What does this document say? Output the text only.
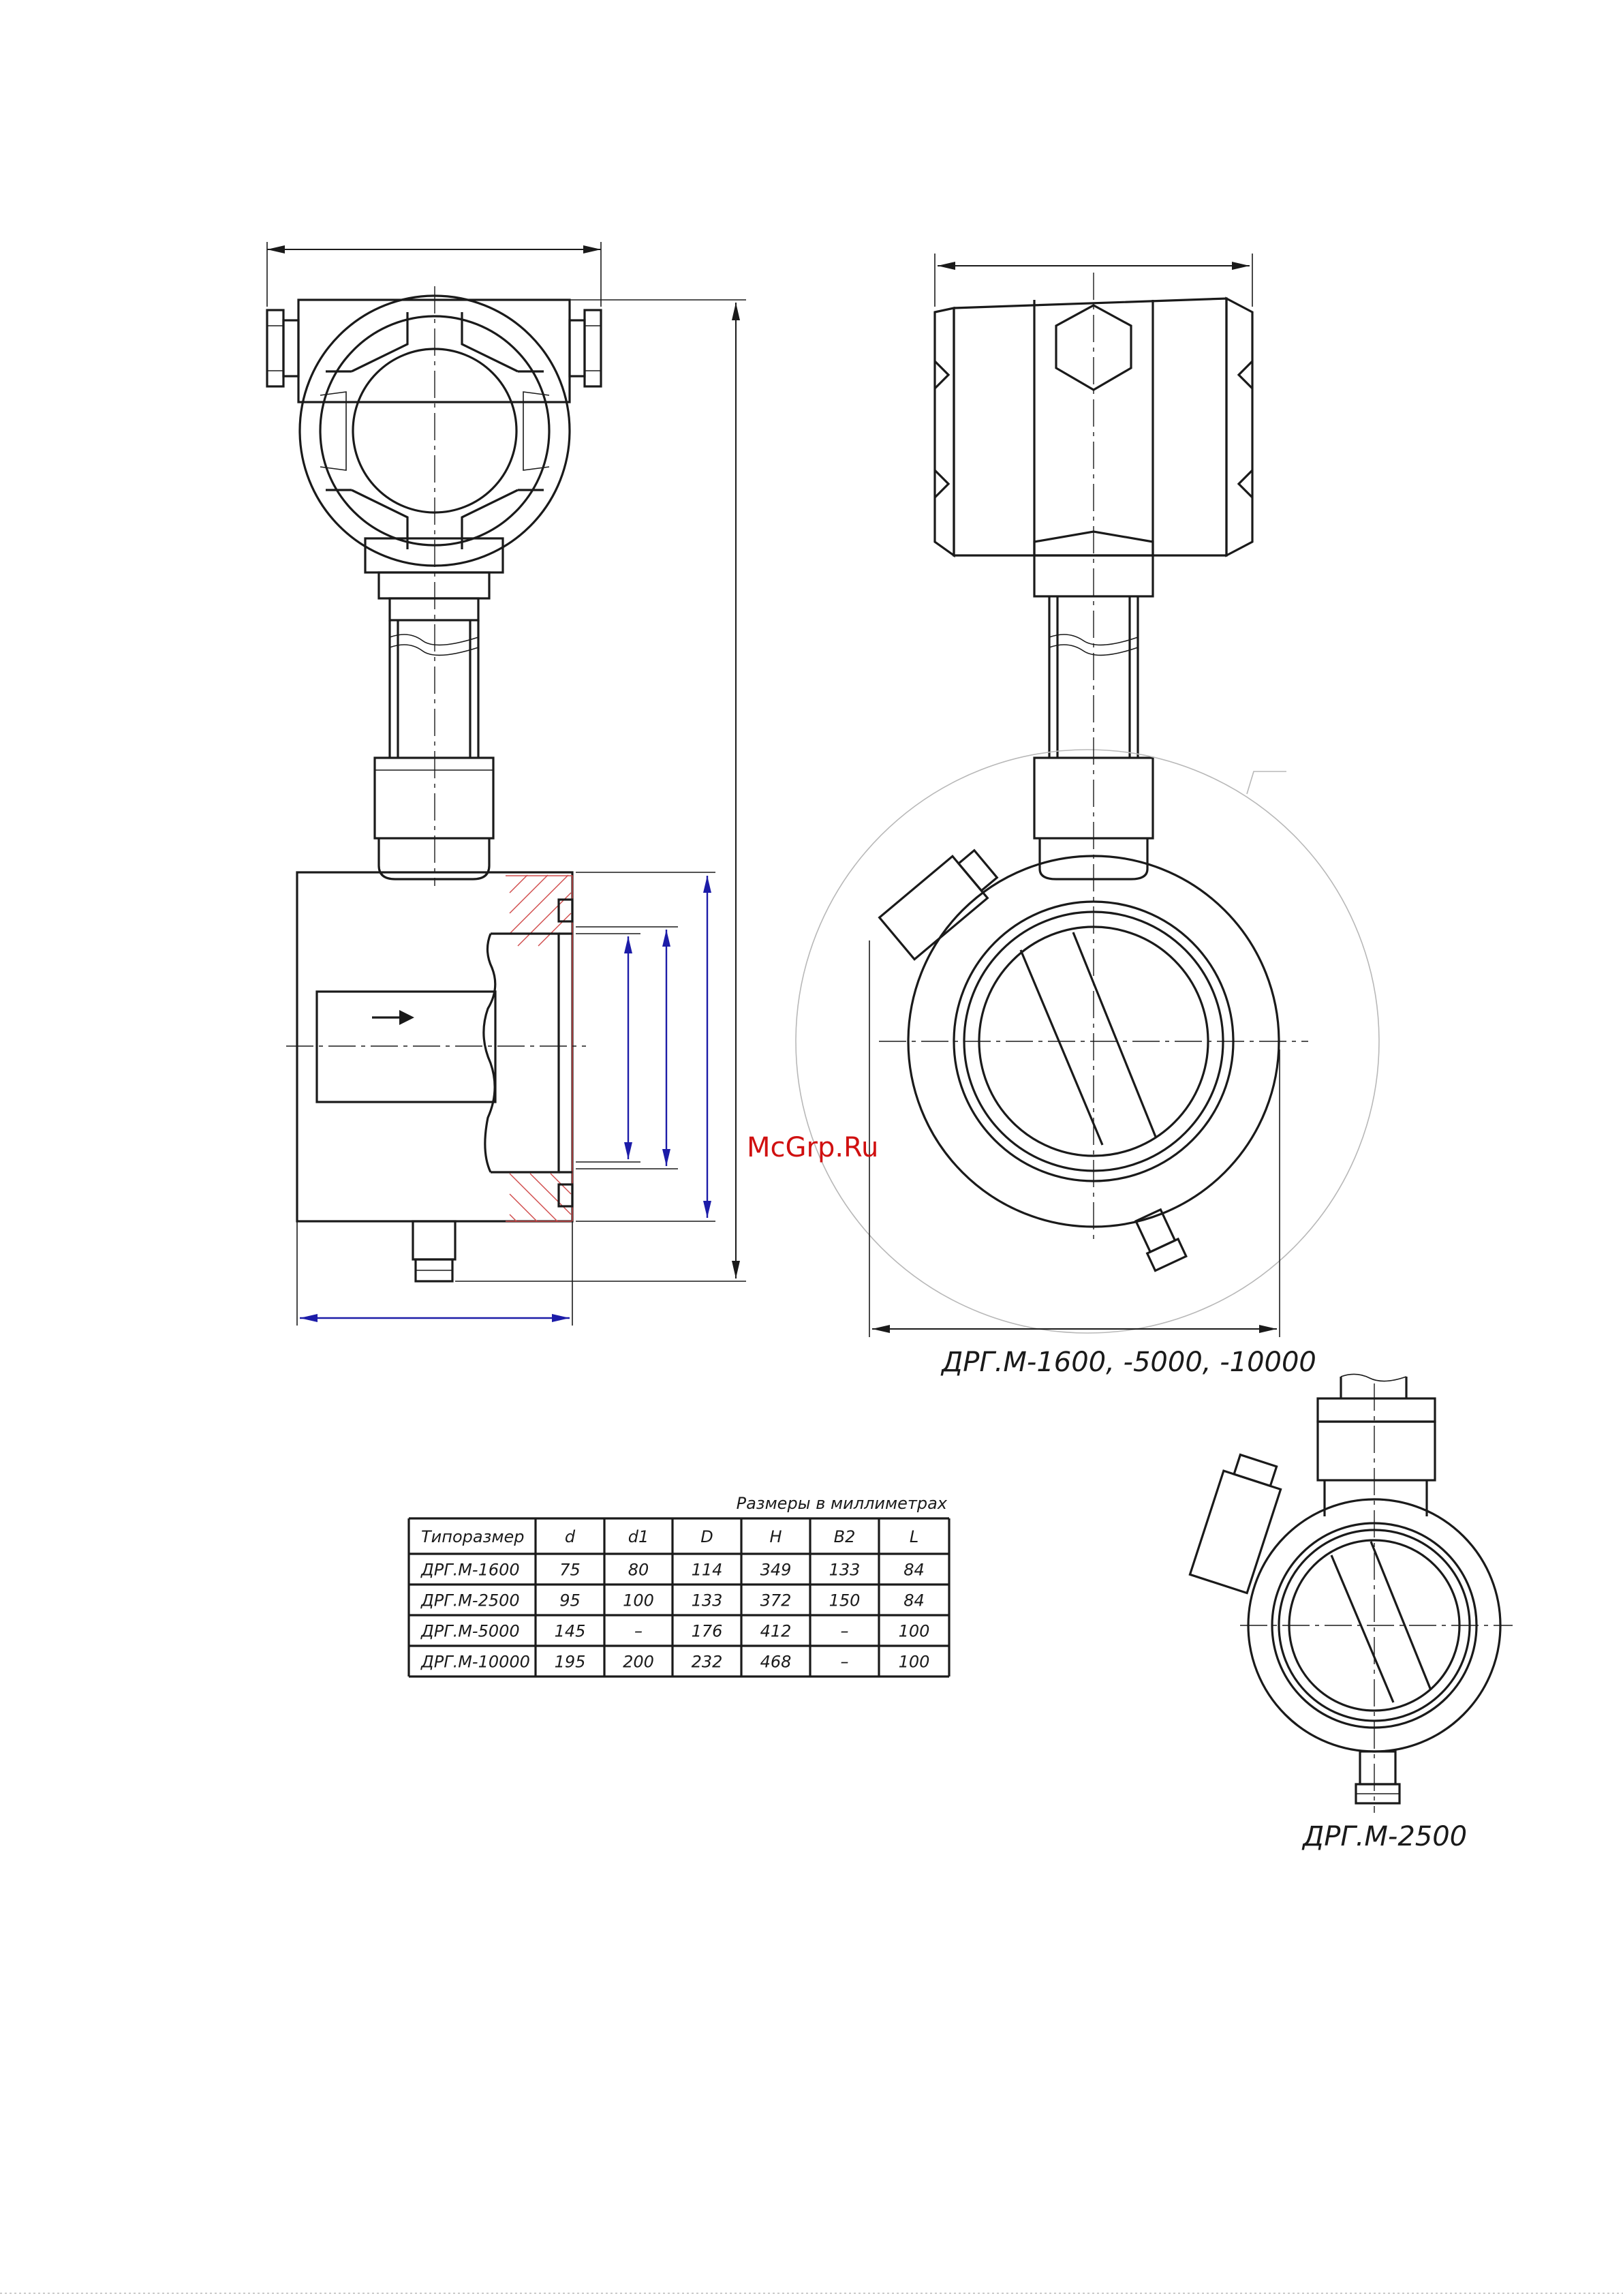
ДРГ.М-1600, -5000, -10000
McGrp.Ru
ДРГ.М-2500
Размеры в миллиметрах
Типоразмер d	d1	D	H	B2	L
ДРГ.М-1600 75	80	114 349 133	84
ДРГ.М-2500 95	100 133 372 150	84
ДРГ.М-5000 145	–	176 412	–	100
ДРГ.М-10000 195 200 232 468	–	100
